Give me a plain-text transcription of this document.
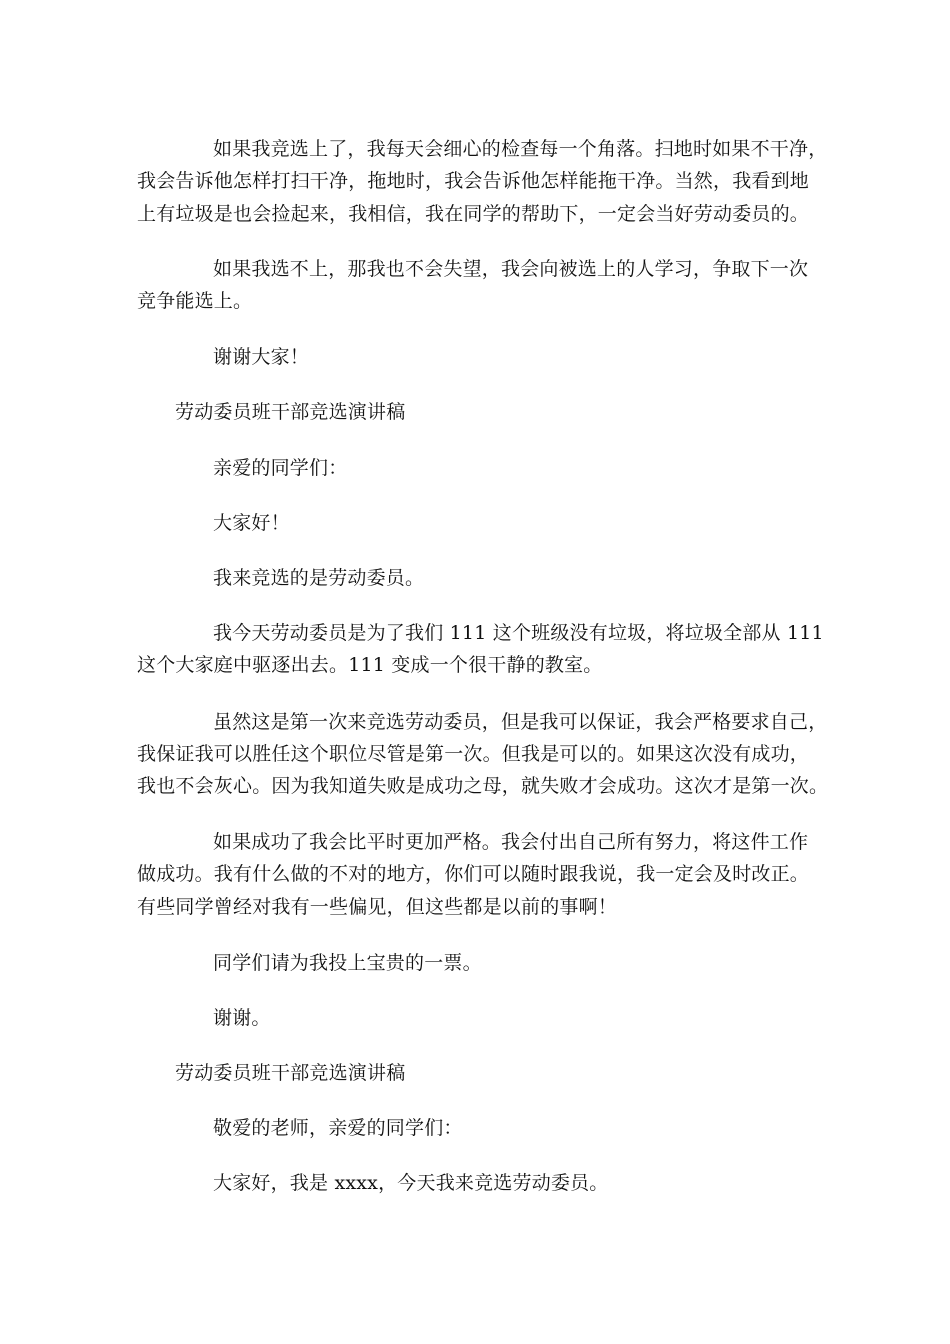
如果我竞选上了，我每天会细心的检查每一个角落。扫地时如果不干净，
我会告诉他怎样打扫干净，拖地时，我会告诉他怎样能拖干净。当然，我看到地
上有垃圾是也会捡起来，我相信，我在同学的帮助下，一定会当好劳动委员的。
如果我选不上，那我也不会失望，我会向被选上的人学习，争取下一次
竞争能选上。
谢谢大家！
劳动委员班干部竞选演讲稿
亲爱的同学们：
大家好！
我来竞选的是劳动委员。
我今天劳动委员是为了我们 111 这个班级没有垃圾，将垃圾全部从 111
这个大家庭中驱逐出去。111 变成一个很干静的教室。
虽然这是第一次来竞选劳动委员，但是我可以保证，我会严格要求自己，
我保证我可以胜任这个职位尽管是第一次。但我是可以的。如果这次没有成功，
我也不会灰心。因为我知道失败是成功之母，就失败才会成功。这次才是第一次。
如果成功了我会比平时更加严格。我会付出自己所有努力，将这件工作
做成功。我有什么做的不对的地方，你们可以随时跟我说，我一定会及时改正。
有些同学曾经对我有一些偏见，但这些都是以前的事啊！
同学们请为我投上宝贵的一票。
谢谢。
劳动委员班干部竞选演讲稿
敬爱的老师，亲爱的同学们：
大家好，我是 xxxx，今天我来竞选劳动委员。
